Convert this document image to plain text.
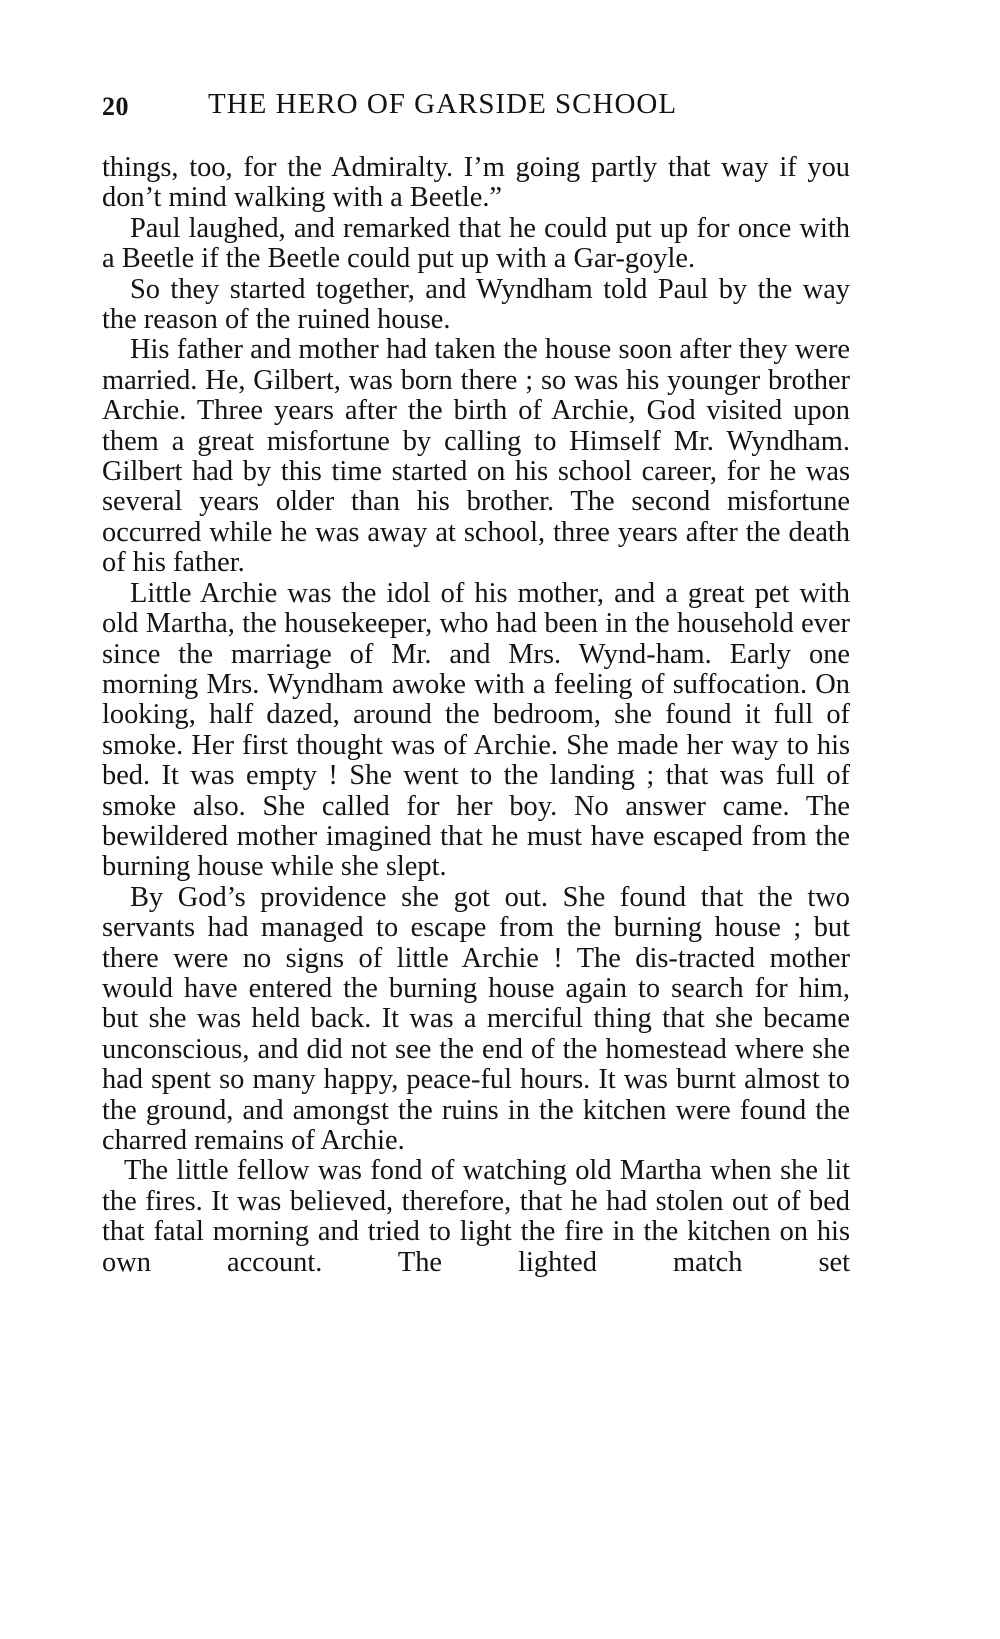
20	THE HERO OF GARSIDE SCHOOL

things, too, for the Admiralty. I’m going partly that way if you don’t mind walking with a Beetle.”

Paul laughed, and remarked that he could put up for once with a Beetle if the Beetle could put up with a Gar-goyle.

So they started together, and Wyndham told Paul by the way the reason of the ruined house.

His father and mother had taken the house soon after they were married. He, Gilbert, was born there ; so was his younger brother Archie. Three years after the birth of Archie, God visited upon them a great misfortune by calling to Himself Mr. Wyndham. Gilbert had by this time started on his school career, for he was several years older than his brother. The second misfortune occurred while he was away at school, three years after the death of his father.

Little Archie was the idol of his mother, and a great pet with old Martha, the housekeeper, who had been in the household ever since the marriage of Mr. and Mrs. Wynd-ham. Early one morning Mrs. Wyndham awoke with a feeling of suffocation. On looking, half dazed, around the bedroom, she found it full of smoke. Her first thought was of Archie. She made her way to his bed. It was empty ! She went to the landing ; that was full of smoke also. She called for her boy. No answer came. The bewildered mother imagined that he must have escaped from the burning house while she slept.

By God’s providence she got out. She found that the two servants had managed to escape from the burning house ; but there were no signs of little Archie ! The dis-tracted mother would have entered the burning house again to search for him, but she was held back. It was a merciful thing that she became unconscious, and did not see the end of the homestead where she had spent so many happy, peace-ful hours. It was burnt almost to the ground, and amongst the ruins in the kitchen were found the charred remains of Archie.

The little fellow was fond of watching old Martha when she lit the fires. It was believed, therefore, that he had stolen out of bed that fatal morning and tried to light the fire in the kitchen on his own account. The lighted match set
